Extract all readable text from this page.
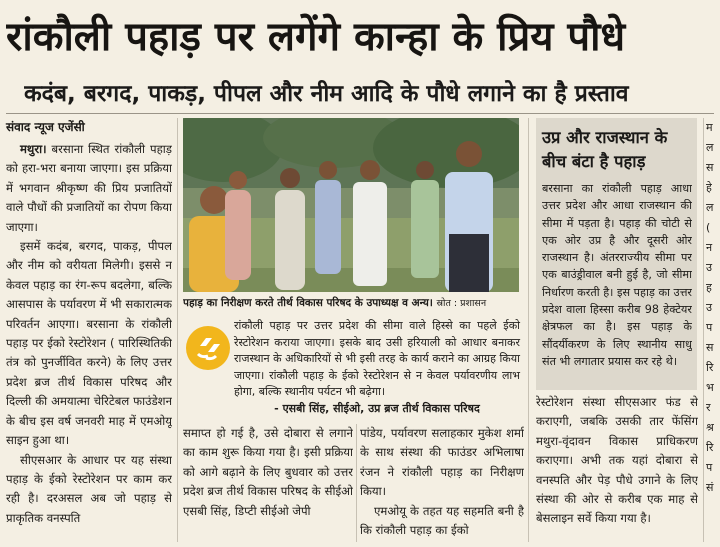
रांकौली पहाड़ पर लगेंगे कान्हा के प्रिय पौधे
कदंब, बरगद, पाकड़, पीपल और नीम आदि के पौधे लगाने का है प्रस्ताव
संवाद न्यूज एजेंसी

मथुरा। बरसाना स्थित रांकौली पहाड़ को हरा-भरा बनाया जाएगा। इस प्रक्रिया में भगवान श्रीकृष्ण की प्रिय प्रजातियों वाले पौधों की प्रजातियों का रोपण किया जाएगा।

इसमें कदंब, बरगद, पाकड़, पीपल और नीम को वरीयता मिलेगी। इससे न केवल पहाड़ का रंग-रूप बदलेगा, बल्कि आसपास के पर्यावरण में भी सकारात्मक परिवर्तन आएगा। बरसाना के रांकौली पहाड़ पर ईको रेस्टोरेशन ( पारिस्थितिकी तंत्र को पुनर्जीवित करने) के लिए उत्तर प्रदेश ब्रज तीर्थ विकास परिषद और दिल्ली की अमयात्मा चेरिटेबल फाउंडेशन के बीच इस वर्ष जनवरी माह में एमओयू साइन हुआ था।

सीएसआर के आधार पर यह संस्था पहाड़ के ईको रेस्टोरेशन पर काम कर रही है। दरअसल अब जो पहाड़ से प्राकृतिक वनस्पति

पहाड़ का निरीक्षण करते तीर्थ विकास परिषद के उपाध्यक्ष व अन्य। स्रोत : प्रशासन
रांकौली पहाड़ पर उत्तर प्रदेश की सीमा वाले हिस्से का पहले ईको रेस्टोरेशन कराया जाएगा। इसके बाद उसी हरियाली को आधार बनाकर राजस्थान के अधिकारियों से भी इसी तरह के कार्य कराने का आग्रह किया जाएगा। रांकौली पहाड़ के ईको रेस्टोरेशन से न केवल पर्यावरणीय लाभ होगा, बल्कि स्थानीय पर्यटन भी बढ़ेगा।
- एसबी सिंह, सीईओ, उप्र ब्रज तीर्थ विकास परिषद

समाप्त हो गई है, उसे दोबारा से लगाने का काम शुरू किया गया है। इसी प्रक्रिया को आगे बढ़ाने के लिए बुधवार को उत्तर प्रदेश ब्रज तीर्थ विकास परिषद के सीईओ एसबी सिंह, डिप्टी सीईओ जेपी

पांडेय, पर्यावरण सलाहकार मुकेश शर्मा के साथ संस्था की फाउंडर अभिलाषा रंजन ने रांकौली पहाड़ का निरीक्षण किया।

एमओयू के तहत यह सहमति बनी है कि रांकौली पहाड़ का ईको

उप्र और राजस्थान के बीच बंटा है पहाड़
बरसाना का रांकौली पहाड़ आधा उत्तर प्रदेश और आधा राजस्थान की सीमा में पड़ता है। पहाड़ की चोटी से एक ओर उप्र है और दूसरी ओर राजस्थान है। अंतरराज्यीय सीमा पर एक बाउंड्रीवाल बनी हुई है, जो सीमा निर्धारण करती है। इस पहाड़ का उत्तर प्रदेश वाला हिस्सा करीब 98 हेक्टेयर क्षेत्रफल का है। इस पहाड़ के सौंदर्यीकरण के लिए स्थानीय साधु संत भी लगातार प्रयास कर रहे थे।

रेस्टोरेशन संस्था सीएसआर फंड से कराएगी, जबकि उसकी तार फेंसिंग मथुरा-वृंदावन विकास प्राधिकरण कराएगा। अभी तक यहां दोबारा से वनस्पति और पेड़ पौधे उगाने के लिए संस्था की ओर से करीब एक माह से बेसलाइन सर्वे किया गया है।

म
ल
स
हे
ल
(
न
उ
ह
उ
प
स
रि
भ
र
श्र
रि
प
सं
